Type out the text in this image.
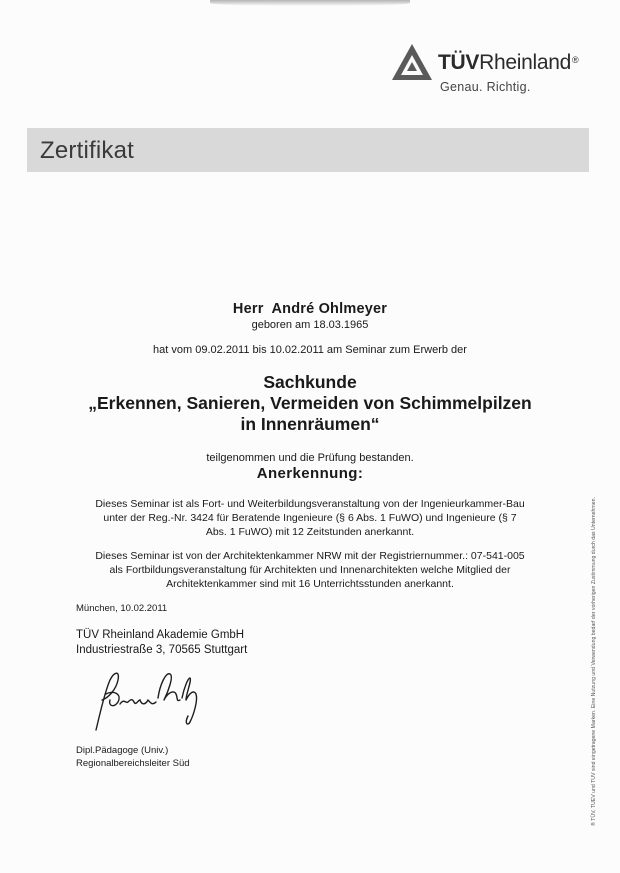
TÜVRheinland®
Genau. Richtig.
Zertifikat
Herr  André Ohlmeyer
geboren am 18.03.1965
hat vom 09.02.2011 bis 10.02.2011 am Seminar zum Erwerb der
Sachkunde
„Erkennen, Sanieren, Vermeiden von Schimmelpilzen
in Innenräumen“
teilgenommen und die Prüfung bestanden.
Anerkennung:
Dieses Seminar ist als Fort- und Weiterbildungsveranstaltung von der Ingenieurkammer-Bau
unter der Reg.-Nr. 3424 für Beratende Ingenieure (§ 6 Abs. 1 FuWO) und Ingenieure (§ 7
Abs. 1 FuWO) mit 12 Zeitstunden anerkannt.
Dieses Seminar ist von der Architektenkammer NRW mit der Registriernummer.: 07-541-005
als Fortbildungsveranstaltung für Architekten und Innenarchitekten welche Mitglied der
Architektenkammer sind mit 16 Unterrichtsstunden anerkannt.
München, 10.02.2011
TÜV Rheinland Akademie GmbH
Industriestraße 3, 70565 Stuttgart
Dipl.Pädagoge (Univ.)
Regionalbereichsleiter Süd	® TÜV, TUEV und TUV sind eingetragene Marken. Eine Nutzung und Verwendung bedarf der vorherigen Zustimmung durch das Unternehmen.
